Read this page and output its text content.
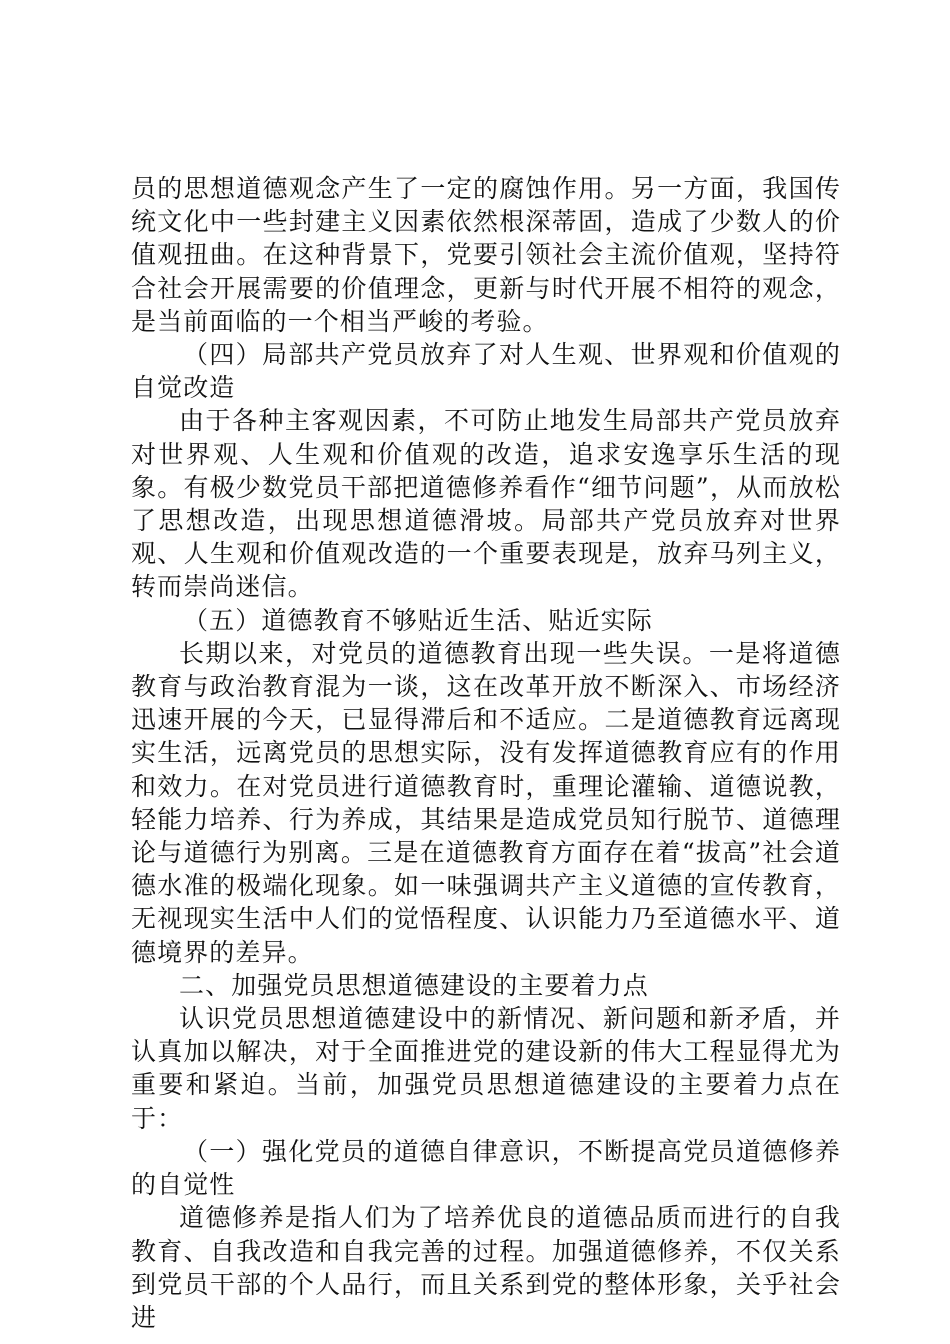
员的思想道德观念产生了一定的腐蚀作用。另一方面，我国传统文化中一些封建主义因素依然根深蒂固，造成了少数人的价值观扭曲。在这种背景下，党要引领社会主流价值观，坚持符合社会开展需要的价值理念，更新与时代开展不相符的观念，是当前面临的一个相当严峻的考验。

（四）局部共产党员放弃了对人生观、世界观和价值观的自觉改造

由于各种主客观因素，不可防止地发生局部共产党员放弃对世界观、人生观和价值观的改造，追求安逸享乐生活的现象。有极少数党员干部把道德修养看作“细节问题”，从而放松了思想改造，出现思想道德滑坡。局部共产党员放弃对世界观、人生观和价值观改造的一个重要表现是，放弃马列主义，转而崇尚迷信。

（五）道德教育不够贴近生活、贴近实际

长期以来，对党员的道德教育出现一些失误。一是将道德教育与政治教育混为一谈，这在改革开放不断深入、市场经济迅速开展的今天，已显得滞后和不适应。二是道德教育远离现实生活，远离党员的思想实际，没有发挥道德教育应有的作用和效力。在对党员进行道德教育时，重理论灌输、道德说教，轻能力培养、行为养成，其结果是造成党员知行脱节、道德理论与道德行为别离。三是在道德教育方面存在着“拔高”社会道德水准的极端化现象。如一味强调共产主义道德的宣传教育，无视现实生活中人们的觉悟程度、认识能力乃至道德水平、道德境界的差异。

二、加强党员思想道德建设的主要着力点

认识党员思想道德建设中的新情况、新问题和新矛盾，并认真加以解决，对于全面推进党的建设新的伟大工程显得尤为重要和紧迫。当前，加强党员思想道德建设的主要着力点在于：

（一）强化党员的道德自律意识，不断提高党员道德修养的自觉性

道德修养是指人们为了培养优良的道德品质而进行的自我教育、自我改造和自我完善的过程。加强道德修养，不仅关系到党员干部的个人品行，而且关系到党的整体形象，关乎社会进
